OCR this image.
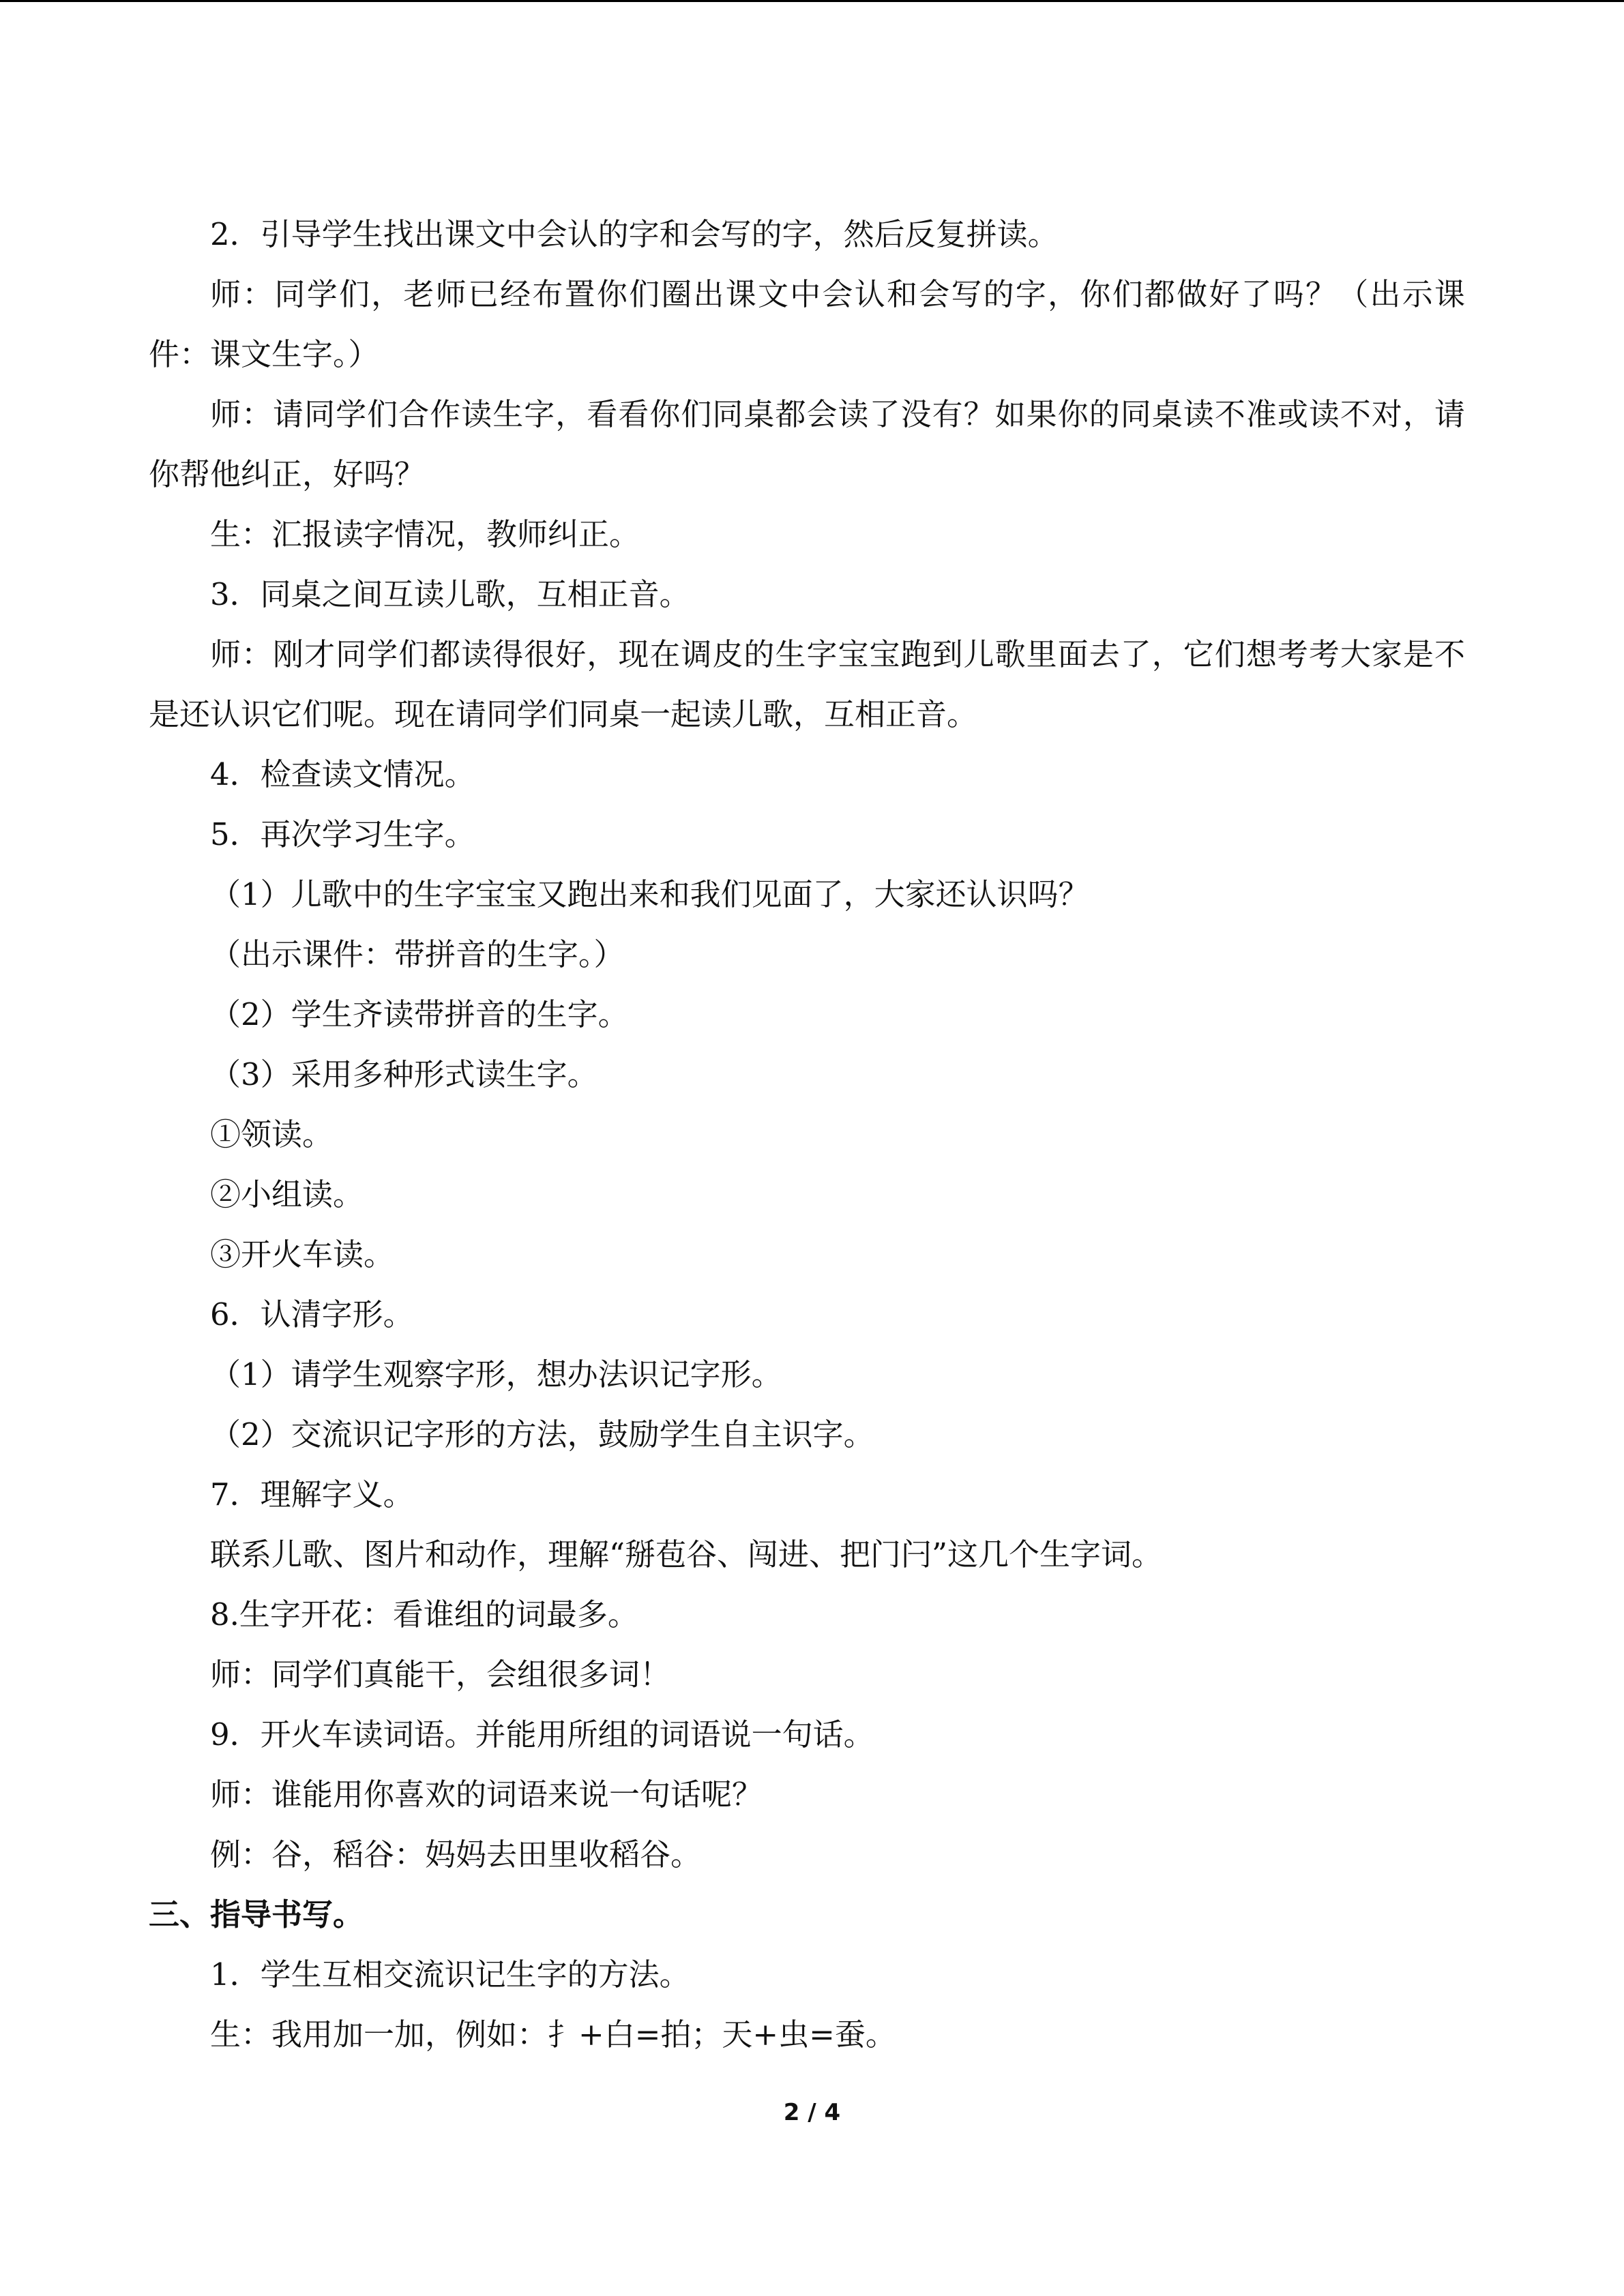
2．引导学生找出课文中会认的字和会写的字，然后反复拼读。

师：同学们，老师已经布置你们圈出课文中会认和会写的字，你们都做好了吗？（出示课件：课文生字。）

师：请同学们合作读生字，看看你们同桌都会读了没有？如果你的同桌读不准或读不对，请你帮他纠正，好吗？

生：汇报读字情况，教师纠正。

3．同桌之间互读儿歌，互相正音。

师：刚才同学们都读得很好，现在调皮的生字宝宝跑到儿歌里面去了，它们想考考大家是不是还认识它们呢。现在请同学们同桌一起读儿歌，互相正音。

4．检查读文情况。

5．再次学习生字。

（1）儿歌中的生字宝宝又跑出来和我们见面了，大家还认识吗？

（出示课件：带拼音的生字。）

（2）学生齐读带拼音的生字。

（3）采用多种形式读生字。

①领读。

②小组读。

③开火车读。

6．认清字形。

（1）请学生观察字形，想办法识记字形。

（2）交流识记字形的方法，鼓励学生自主识字。

7．理解字义。

联系儿歌、图片和动作，理解“掰苞谷、闯进、把门闩”这几个生字词。

8.生字开花：看谁组的词最多。

师：同学们真能干，会组很多词！

9．开火车读词语。并能用所组的词语说一句话。

师：谁能用你喜欢的词语来说一句话呢？

例：谷，稻谷：妈妈去田里收稻谷。

三、指导书写。

1．学生互相交流识记生字的方法。

生：我用加一加，例如：扌+白=拍；天+虫=蚕。

2 / 4
